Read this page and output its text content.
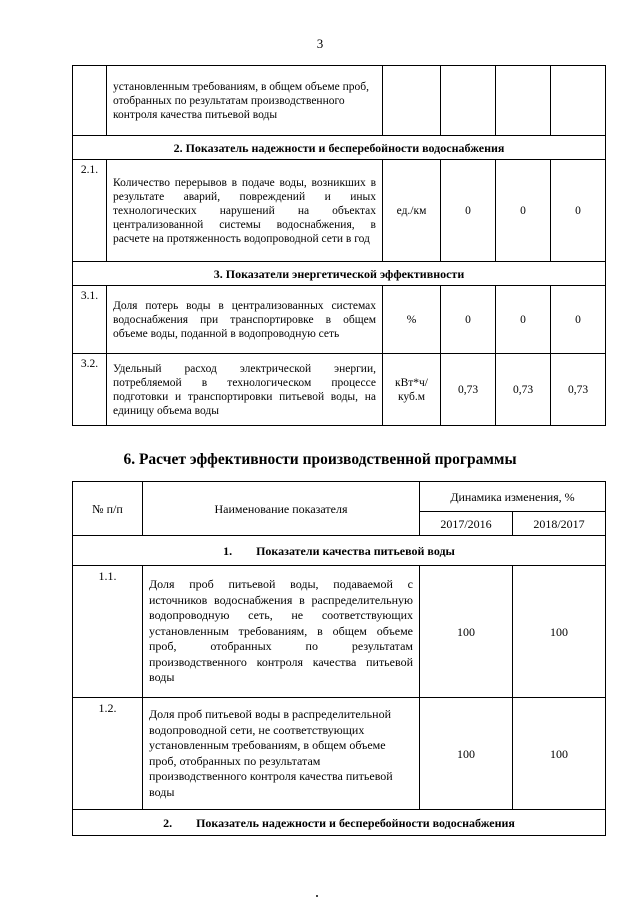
3
	установленным требованиям, в общем объеме проб, отобранных по результатам производственного контроля качества питьевой воды				
2. Показатель надежности и бесперебойности водоснабжения					
2.1.	Количество перерывов в подаче воды, возникших в результате аварий, повреждений и иных технологических нарушений на объектах централизованной системы водоснабжения, в расчете на протяженность водопроводной сети в год	ед./км	0	0	0
3. Показатели энергетической эффективности					
3.1.	Доля потерь воды в централизованных системах водоснабжения при транспортировке в общем объеме воды, поданной в водопроводную сеть	%	0	0	0
3.2.	Удельный расход электрической энергии, потребляемой в технологическом процессе подготовки и транспортировки питьевой воды, на единицу объема воды	кВт*ч/ куб.м	0,73	0,73	0,73
6. Расчет эффективности производственной программы
№ п/п	Наименование показателя	Динамика изменения, %	
		2017/2016	2018/2017
1.        Показатели качества питьевой воды			
1.1.	Доля проб питьевой воды, подаваемой с источников водоснабжения в распределительную водопроводную сеть, не соответствующих установленным требованиям, в общем объеме проб, отобранных по результатам производственного контроля качества питьевой воды	100	100
1.2.	Доля проб питьевой воды в распределительной водопроводной сети, не соответствующих установленным требованиям, в общем объеме проб, отобранных по результатам производственного контроля качества питьевой воды	100	100
2.        Показатель надежности и бесперебойности водоснабжения			
